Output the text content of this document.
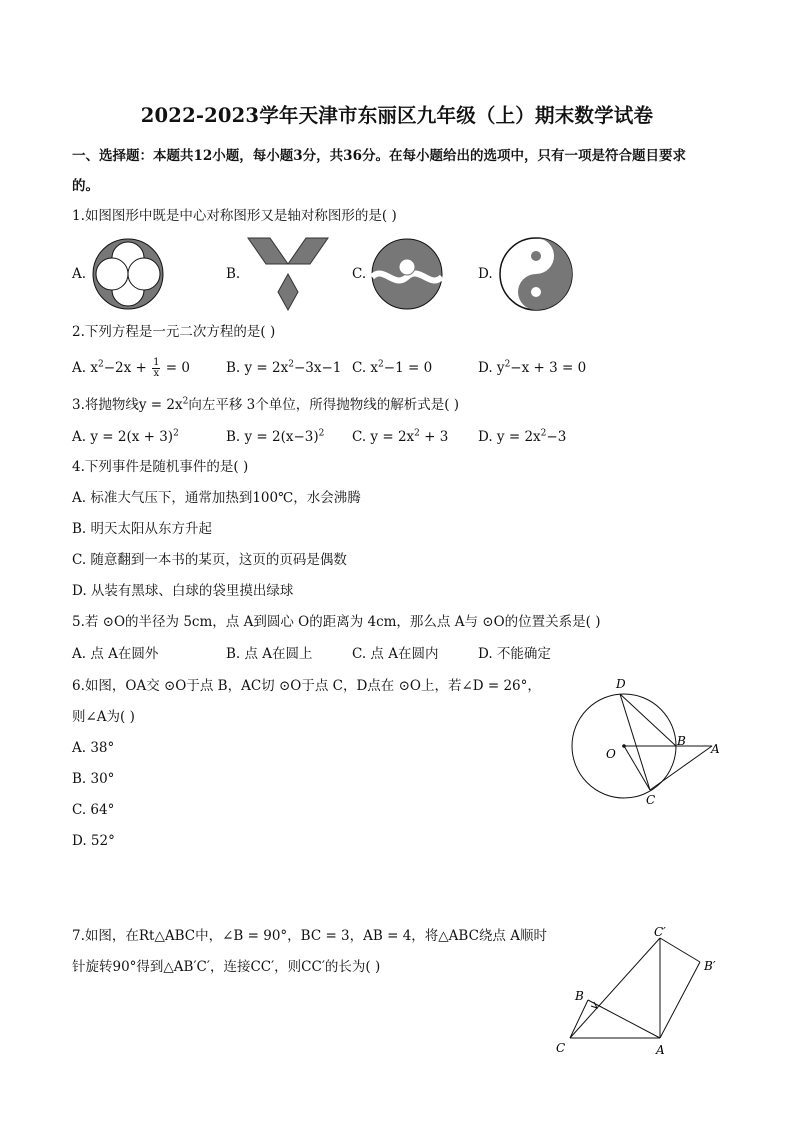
2022-2023学年天津市东丽区九年级（上）期末数学试卷
一、选择题：本题共12小题，每小题3分，共36分。在每小题给出的选项中，只有一项是符合题目要求
的。
1.如图图形中既是中心对称图形又是轴对称图形的是( )
A.	B.	C.	D.
2.下列方程是一元二次方程的是( )
A. $x^2-2x + \frac{1}{x} = 0$	B. $y = 2x^2-3x-1$ C. $x^2-1 = 0$	D. $y^2-x + 3 = 0$
3.将抛物线$y = 2x^2$向左平移 3个单位，所得抛物线的解析式是( )
A. $y = 2(x + 3)^2$	B. $y = 2(x-3)^2$ C. $y = 2x^2 + 3$ D. $y = 2x^2-3$
4.下列事件是随机事件的是( )
A. 标准大气压下，通常加热到100℃，水会沸腾
B. 明天太阳从东方升起
C. 随意翻到一本书的某页，这页的页码是偶数
D. 从装有黑球、白球的袋里摸出绿球
5.若 ⊙O的半径为 5cm，点 A到圆心 O的距离为 4cm，那么点 A与 ⊙O的位置关系是( )
A. 点 A在圆外	B. 点 A在圆上	C. 点 A在圆内	D. 不能确定
6.如图，OA交 ⊙O于点 B，AC切 ⊙O于点 C，D点在 ⊙O上，若∠D = 26°，
则∠A为( )
A. 38°
B. 30°
C. 64°
D. 52°
D
O
B
A
C
7.如图，在Rt△ABC中，∠B = 90°，BC = 3，AB = 4，将△ABC绕点 A顺时
针旋转90°得到△AB′C′，连接CC′，则CC′的长为( )
C′
B′
B
C	A
